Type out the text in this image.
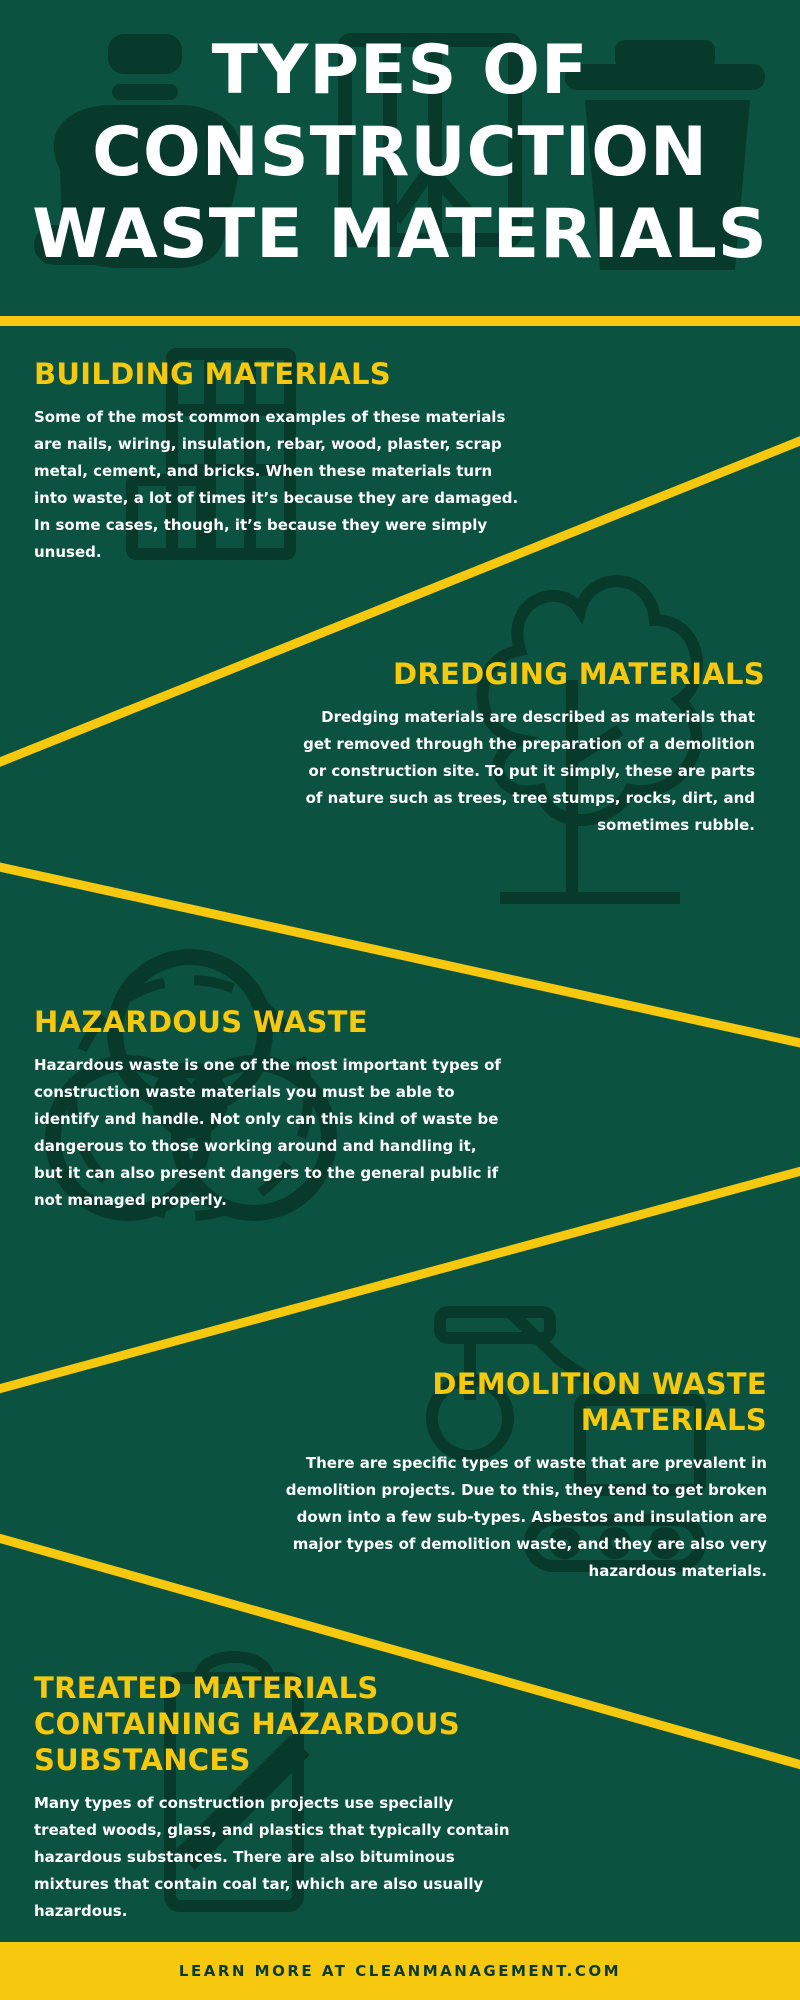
TYPES OF
CONSTRUCTION
WASTE MATERIALS
BUILDING MATERIALS

Some of the most common examples of these materials are nails, wiring, insulation, rebar, wood, plaster, scrap metal, cement, and bricks. When these materials turn into waste, a lot of times it’s because they are damaged. In some cases, though, it’s because they were simply unused.

DREDGING MATERIALS

Dredging materials are described as materials that get removed through the preparation of a demolition or construction site. To put it simply, these are parts of nature such as trees, tree stumps, rocks, dirt, and sometimes rubble.

HAZARDOUS WASTE

Hazardous waste is one of the most important types of construction waste materials you must be able to identify and handle. Not only can this kind of waste be dangerous to those working around and handling it, but it can also present dangers to the general public if not managed properly.

DEMOLITION WASTE MATERIALS

There are specific types of waste that are prevalent in demolition projects. Due to this, they tend to get broken down into a few sub-types. Asbestos and insulation are major types of demolition waste, and they are also very hazardous materials.

TREATED MATERIALS
CONTAINING HAZARDOUS
SUBSTANCES

Many types of construction projects use specially treated woods, glass, and plastics that typically contain hazardous substances. There are also bituminous mixtures that contain coal tar, which are also usually hazardous.

LEARN MORE AT CLEANMANAGEMENT.COM
